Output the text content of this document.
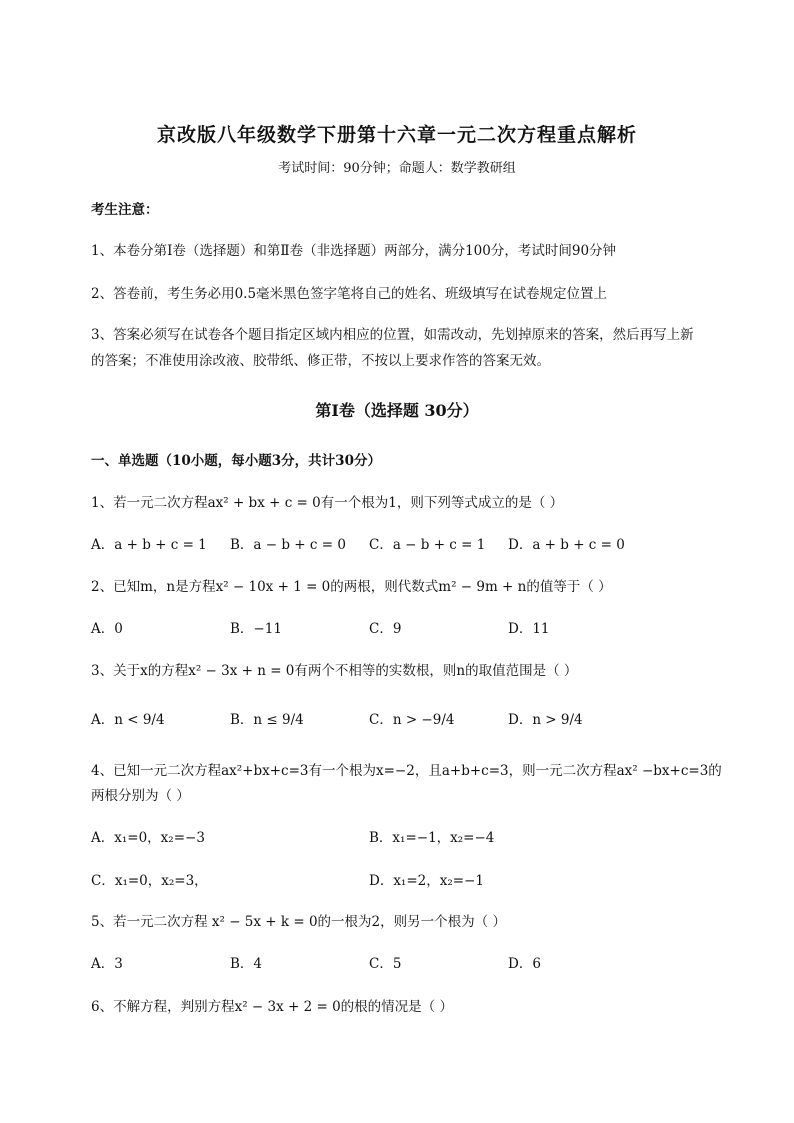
京改版八年级数学下册第十六章一元二次方程重点解析
考试时间：90分钟；命题人：数学教研组
考生注意：
1、本卷分第I卷（选择题）和第Ⅱ卷（非选择题）两部分，满分100分，考试时间90分钟
2、答卷前，考生务必用0.5毫米黑色签字笔将自己的姓名、班级填写在试卷规定位置上
3、答案必须写在试卷各个题目指定区域内相应的位置，如需改动，先划掉原来的答案，然后再写上新
的答案；不准使用涂改液、胶带纸、修正带，不按以上要求作答的答案无效。
第I卷（选择题 30分）
一、单选题（10小题，每小题3分，共计30分）
1、若一元二次方程ax² + bx + c = 0有一个根为1，则下列等式成立的是（ ）
A．a + b + c = 1 B．a − b + c = 0 C．a − b + c = 1 D．a + b + c = 0
2、已知m，n是方程x² − 10x + 1 = 0的两根，则代数式m² − 9m + n的值等于（ ）
A．0	B．−11	C．9	D．11
3、关于x的方程x² − 3x + n = 0有两个不相等的实数根，则n的取值范围是（ ）
A．n < 9/4	B．n ≤ 9/4	C．n > −9/4	D．n > 9/4
4、已知一元二次方程ax²+bx+c=3有一个根为x=−2，且a+b+c=3，则一元二次方程ax² −bx+c=3的
两根分别为（ ）
A．x₁=0，x₂=−3	B．x₁=−1，x₂=−4
C．x₁=0，x₂=3，	D．x₁=2，x₂=−1
5、若一元二次方程 x² − 5x + k = 0的一根为2，则另一个根为（ ）
A．3	B．4	C．5	D．6
6、不解方程，判别方程x² − 3x + 2 = 0的根的情况是（ ）
